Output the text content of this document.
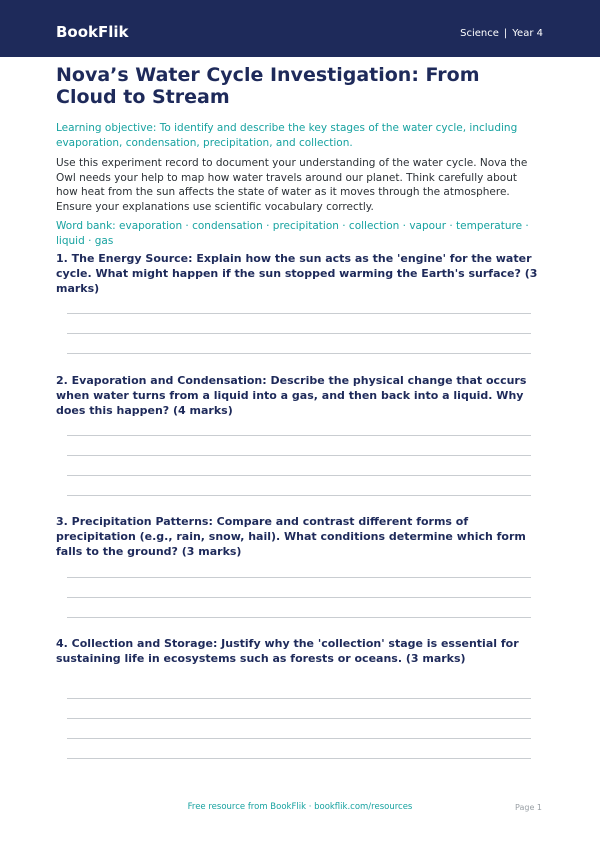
BookFlik	Science | Year 4
Nova’s Water Cycle Investigation: From Cloud to Stream

Learning objective: To identify and describe the key stages of the water cycle, including evaporation, condensation, precipitation, and collection.

Use this experiment record to document your understanding of the water cycle. Nova the Owl needs your help to map how water travels around our planet. Think carefully about how heat from the sun affects the state of water as it moves through the atmosphere. Ensure your explanations use scientific vocabulary correctly.

Word bank: evaporation · condensation · precipitation · collection · vapour · temperature · liquid · gas

1. The Energy Source: Explain how the sun acts as the 'engine' for the water cycle. What might happen if the sun stopped warming the Earth's surface? (3 marks)

2. Evaporation and Condensation: Describe the physical change that occurs when water turns from a liquid into a gas, and then back into a liquid. Why does this happen? (4 marks)

3. Precipitation Patterns: Compare and contrast different forms of precipitation (e.g., rain, snow, hail). What conditions determine which form falls to the ground? (3 marks)

4. Collection and Storage: Justify why the 'collection' stage is essential for sustaining life in ecosystems such as forests or oceans. (3 marks)

Free resource from BookFlik · bookflik.com/resources	Page 1
